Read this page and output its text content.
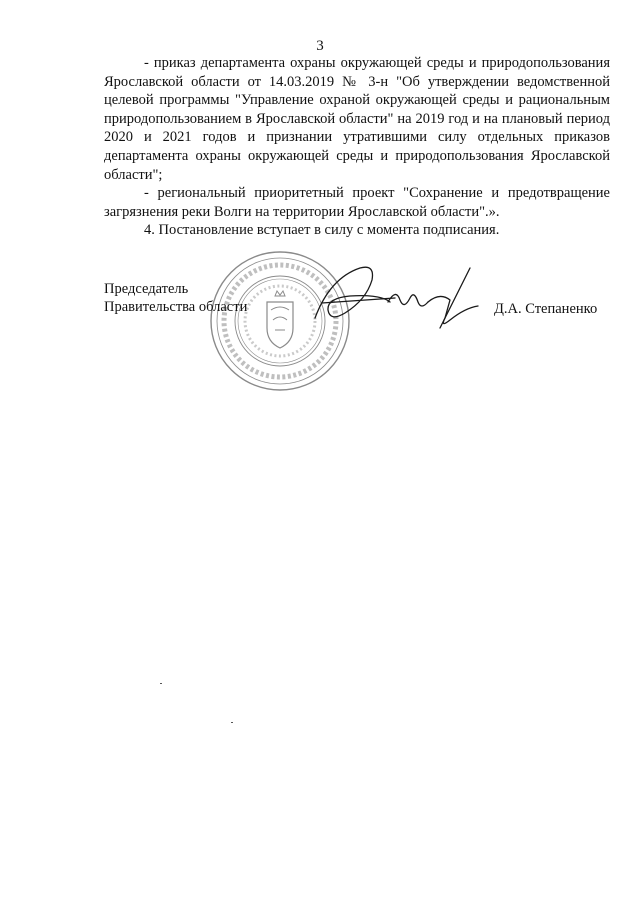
3

- приказ департамента охраны окружающей среды и природопользования Ярославской области от 14.03.2019 № 3-н "Об утверждении ведомственной целевой программы "Управление охраной окружающей среды и рациональным природопользованием в Ярославской области" на 2019 год и на плановый период 2020 и 2021 годов и признании утратившими силу отдельных приказов департамента охраны окружающей среды и природопользования Ярославской области";

- региональный приоритетный проект "Сохранение и предотвращение загрязнения реки Волги на территории Ярославской области".».

4. Постановление вступает в силу с момента подписания.

Председатель
Правительства области	Д.А. Степаненко
